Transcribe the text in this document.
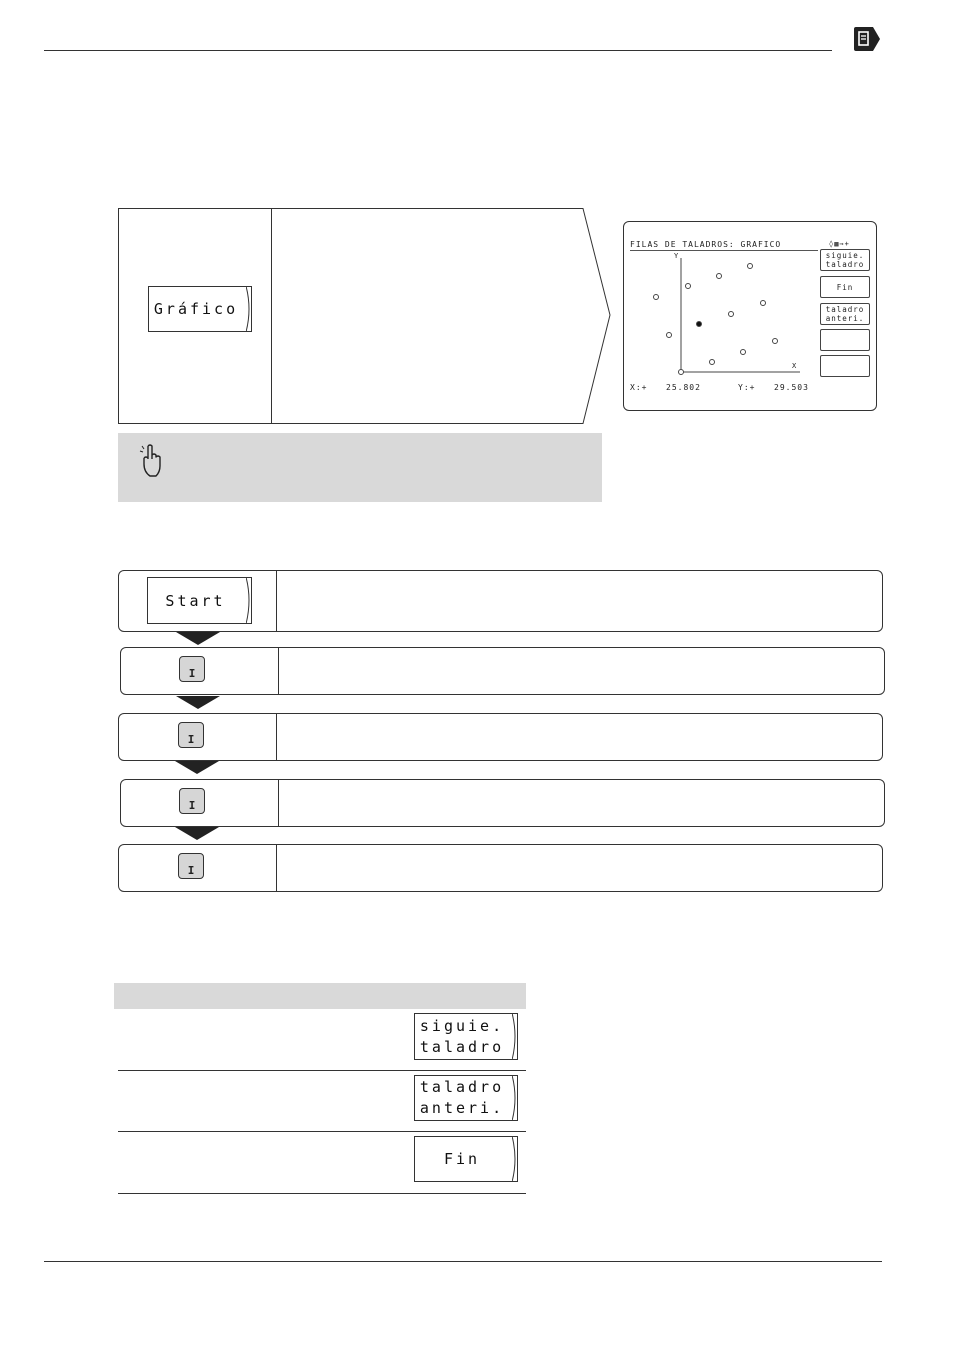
Gráfico
FILAS DE TALADROS: GRAFICO	◊▩⇒+
Y
X
X:+ 25.802	Y:+ 29.503
siguie.
taladro
Fin
taladro
anteri.
Start
I
I
I
I
siguie.
taladro
taladro
anteri.
Fin
